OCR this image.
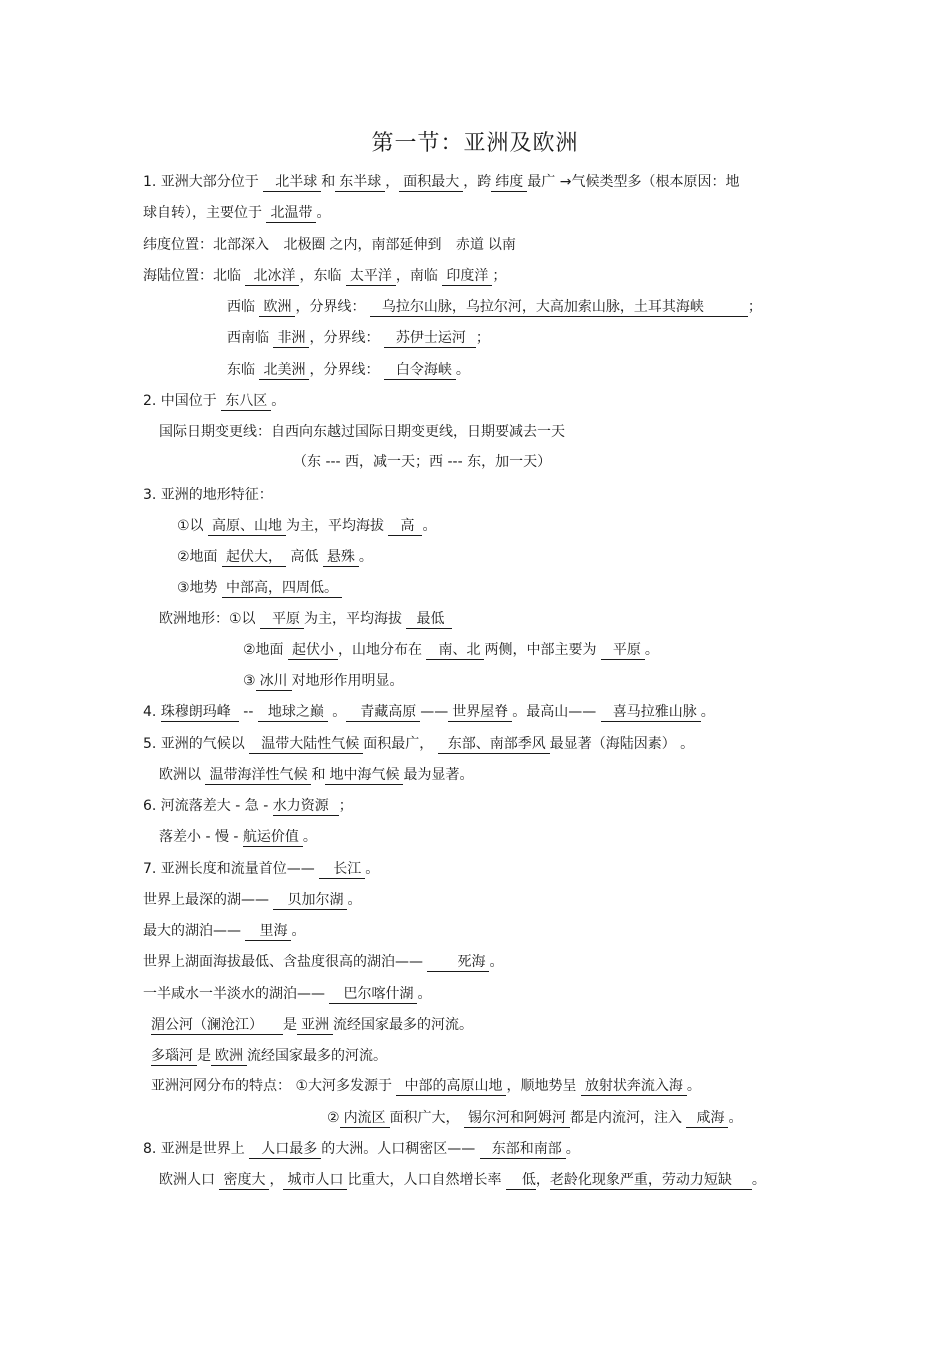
第一节：亚洲及欧洲
1. 亚洲大部分位于 北半球 和 东半球 ， 面积最大 ，跨 纬度 最广 →气候类型多（根本原因：地
球自转），主要位于 北温带 。
纬度位置：北部深入 北极圈 之内，南部延伸到 赤道 以南
海陆位置：北临 北冰洋 ，东临 太平洋 ，南临 印度洋 ；
西临 欧洲 ，分界线： 乌拉尔山脉，乌拉尔河，大高加索山脉，土耳其海峡	；
西南临 非洲 ，分界线： 苏伊士运河 ；
东临 北美洲 ，分界线： 白令海峡 。
2. 中国位于 东八区 。
国际日期变更线：自西向东越过国际日期变更线，日期要减去一天
（东 --- 西，减一天；西 --- 东，加一天）
3. 亚洲的地形特征：
①以 高原、山地 为主，平均海拔 高 。
②地面 起伏大， 高低 悬殊 。
③地势 中部高，四周低。
欧洲地形：①以 平原 为主，平均海拔 最低
②地面 起伏小 ，山地分布在 南、北 两侧，中部主要为 平原 。
③ 冰川 对地形作用明显。
4. 珠穆朗玛峰 -- 地球之巅 。 青藏高原 —— 世界屋脊 。最高山—— 喜马拉雅山脉 。
5. 亚洲的气候以 温带大陆性气候 面积最广， 东部、南部季风 最显著（海陆因素） 。
欧洲以 温带海洋性气候 和 地中海气候 最为显著。
6. 河流落差大 - 急 - 水力资源 ；
落差小 - 慢 - 航运价值 。
7. 亚洲长度和流量首位—— 长江 。
世界上最深的湖—— 贝加尔湖 。
最大的湖泊—— 里海 。
世界上湖面海拔最低、含盐度很高的湖泊—— 死海 。
一半咸水一半淡水的湖泊—— 巴尔喀什湖 。
湄公河（澜沧江） 是 亚洲 流经国家最多的河流。
多瑙河 是 欧洲 流经国家最多的河流。
亚洲河网分布的特点： ①大河多发源于 中部的高原山地 ，顺地势呈 放射状奔流入海 。
② 内流区 面积广大， 锡尔河和阿姆河 都是内流河，注入 咸海 。
8. 亚洲是世界上 人口最多 的大洲。人口稠密区—— 东部和南部 。
欧洲人口 密度大 ， 城市人口 比重大，人口自然增长率 低，老龄化现象严重，劳动力短缺 。
